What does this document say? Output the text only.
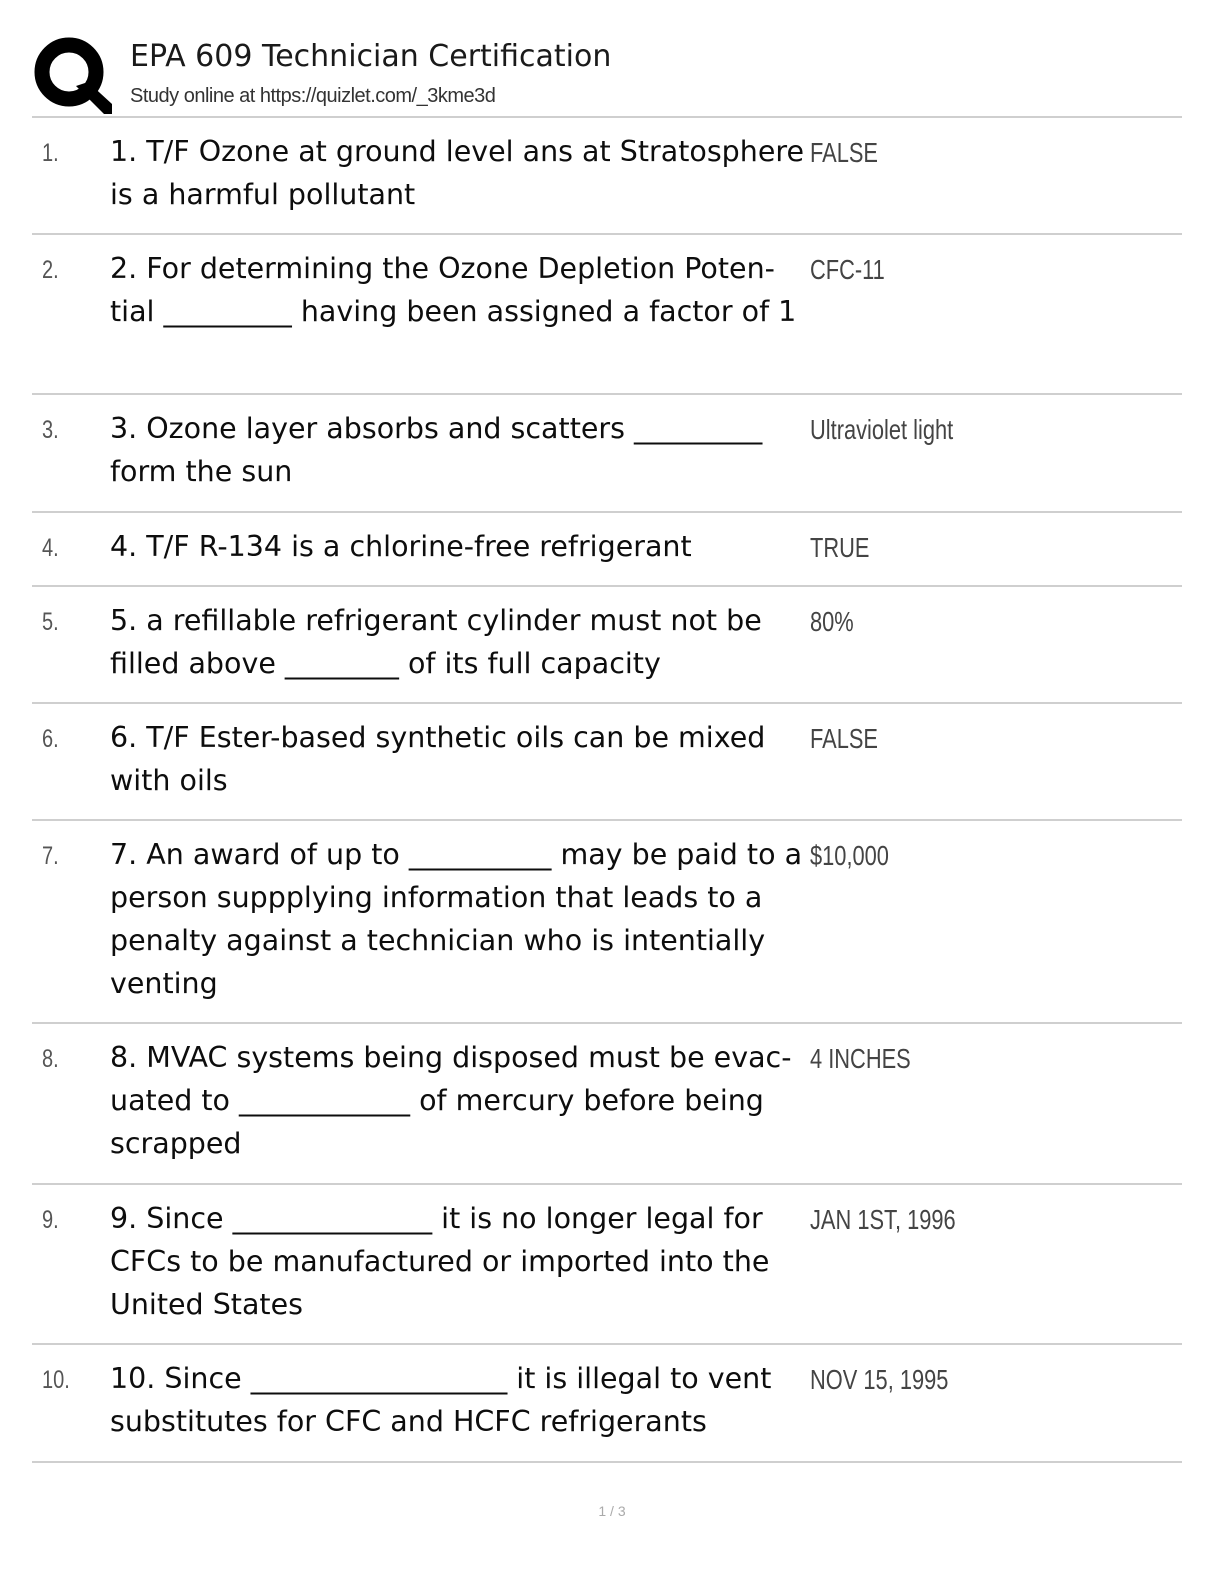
EPA 609 Technician Certification
Study online at https://quizlet.com/_3kme3d
1. 1. T/F Ozone at ground level ans at Stratosphere is a harmful pollutant
FALSE
2. 2. For determining the Ozone Depletion Poten- tial _________ having been assigned a factor of 1
CFC-11
3. 3. Ozone layer absorbs and scatters _________ form the sun
Ultraviolet light
4. 4. T/F R-134 is a chlorine-free refrigerant	TRUE
5. 5. a refillable refrigerant cylinder must not be filled above ________ of its full capacity
80%
6. 6. T/F Ester-based synthetic oils can be mixed with oils
FALSE
7. 7. An award of up to __________ may be paid to a person suppplying information that leads to a penalty against a technician who is intentially venting
$10,000
8. 8. MVAC systems being disposed must be evac- uated to ____________ of mercury before being scrapped
4 INCHES
9. 9. Since ______________ it is no longer legal for CFCs to be manufactured or imported into the United States
JAN 1ST, 1996
10. 10. Since __________________ it is illegal to vent substitutes for CFC and HCFC refrigerants
NOV 15, 1995
1 / 3
